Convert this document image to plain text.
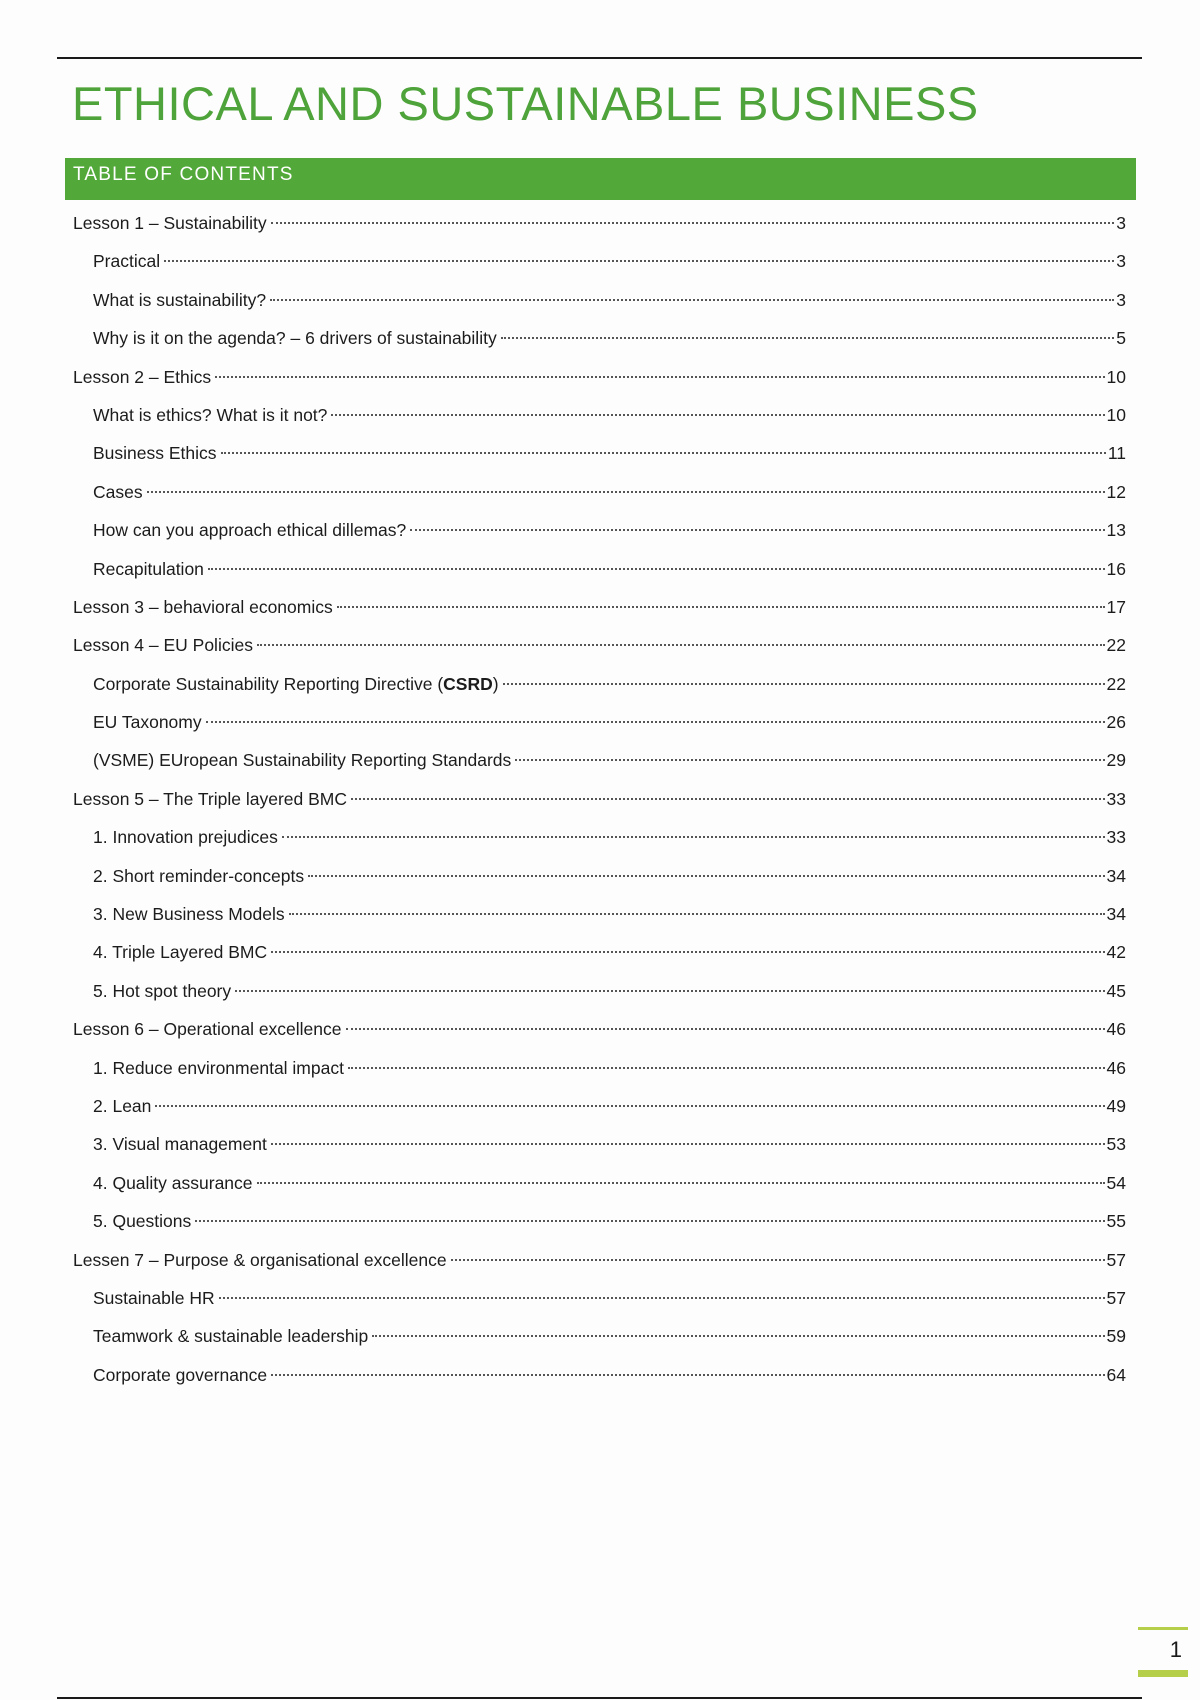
ETHICAL AND SUSTAINABLE BUSINESS
TABLE OF CONTENTS
Lesson 1 – Sustainability	3
Practical	3
What is sustainability?	3
Why is it on the agenda? – 6 drivers of sustainability	5
Lesson 2 – Ethics	10
What is ethics? What is it not?	10
Business Ethics	11
Cases	12
How can you approach ethical dillemas?	13
Recapitulation	16
Lesson 3 – behavioral economics	17
Lesson 4 – EU Policies	22
Corporate Sustainability Reporting Directive (CSRD)	22
EU Taxonomy	26
(VSME) EUropean Sustainability Reporting Standards	29
Lesson 5 – The Triple layered BMC	33
1. Innovation prejudices	33
2. Short reminder-concepts	34
3. New Business Models	34
4. Triple Layered BMC	42
5. Hot spot theory	45
Lesson 6 – Operational excellence	46
1. Reduce environmental impact	46
2. Lean	49
3. Visual management	53
4. Quality assurance	54
5. Questions	55
Lessen 7 – Purpose & organisational excellence	57
Sustainable HR	57
Teamwork & sustainable leadership	59
Corporate governance	64
1
